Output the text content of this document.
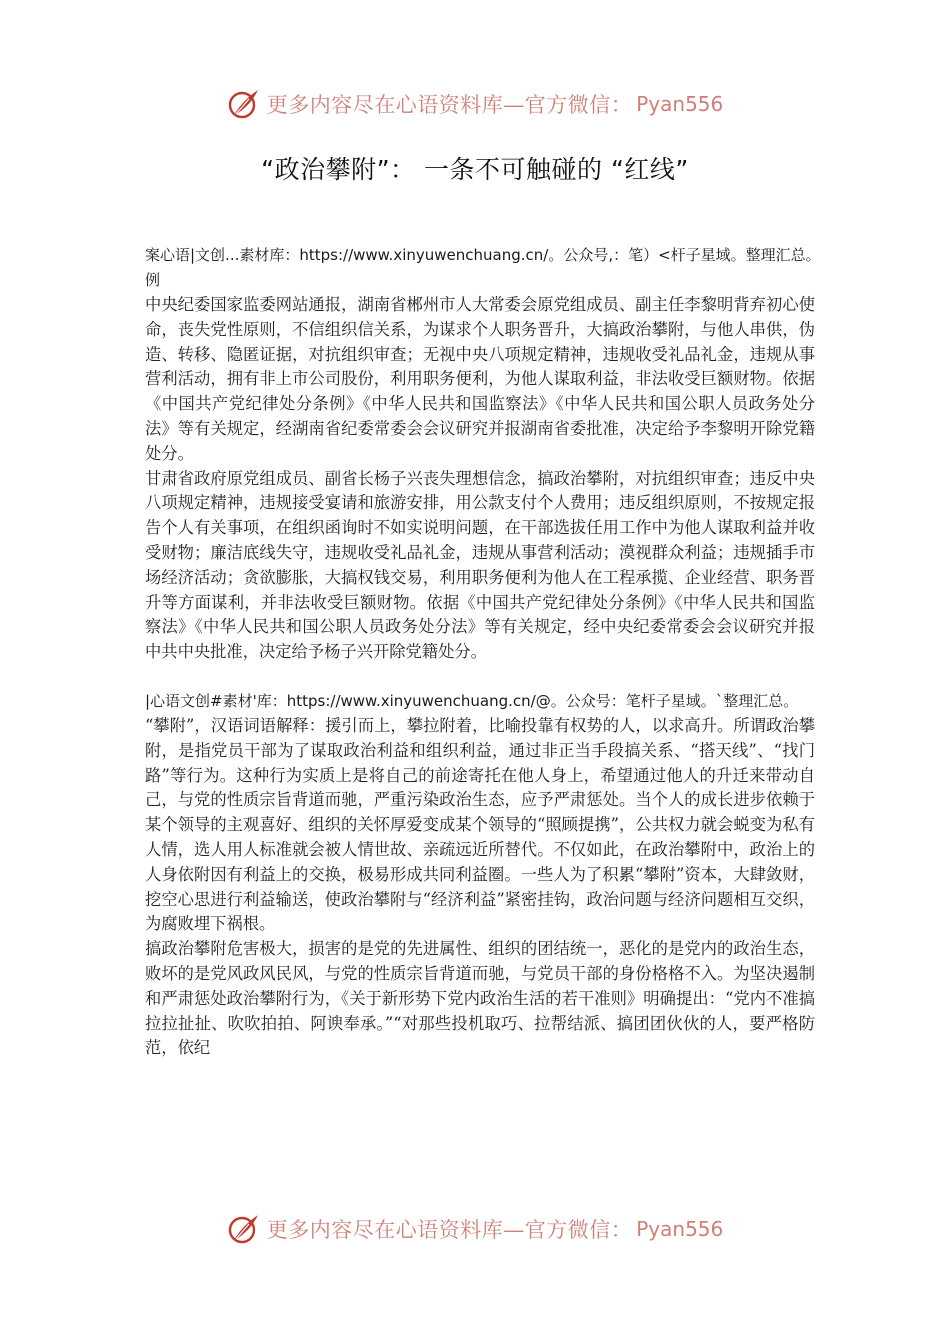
更多内容尽在心语资料库—官方微信： Pyan556
“政治攀附”： 一条不可触碰的 “红线”
案心语|文创...素材库：https://www.xinyuwenchuang.cn/。公众号,：笔）<杆子星域。整理汇总。例
中央纪委国家监委网站通报，湖南省郴州市人大常委会原党组成员、副主任李黎明背弃初心使命，丧失党性原则，不信组织信关系，为谋求个人职务晋升，大搞政治攀附，与他人串供，伪造、转移、隐匿证据，对抗组织审查；无视中央八项规定精神，违规收受礼品礼金，违规从事营利活动，拥有非上市公司股份，利用职务便利，为他人谋取利益，非法收受巨额财物。依据《中国共产党纪律处分条例》《中华人民共和国监察法》《中华人民共和国公职人员政务处分法》等有关规定，经湖南省纪委常委会会议研究并报湖南省委批准，决定给予李黎明开除党籍处分。
甘肃省政府原党组成员、副省长杨子兴丧失理想信念，搞政治攀附，对抗组织审查；违反中央八项规定精神，违规接受宴请和旅游安排，用公款支付个人费用；违反组织原则，不按规定报告个人有关事项，在组织函询时不如实说明问题，在干部选拔任用工作中为他人谋取利益并收受财物；廉洁底线失守，违规收受礼品礼金，违规从事营利活动；漠视群众利益；违规插手市场经济活动；贪欲膨胀，大搞权钱交易，利用职务便利为他人在工程承揽、企业经营、职务晋升等方面谋利，并非法收受巨额财物。依据《中国共产党纪律处分条例》《中华人民共和国监察法》《中华人民共和国公职人员政务处分法》等有关规定，经中央纪委常委会会议研究并报中共中央批准，决定给予杨子兴开除党籍处分。
|心语文创#素材'库：https://www.xinyuwenchuang.cn/@。公众号：笔杆子星域。`整理汇总。
“攀附”，汉语词语解释：援引而上，攀拉附着，比喻投靠有权势的人，以求高升。所谓政治攀附，是指党员干部为了谋取政治利益和组织利益，通过非正当手段搞关系、“搭天线”、“找门路”等行为。这种行为实质上是将自己的前途寄托在他人身上，希望通过他人的升迁来带动自己，与党的性质宗旨背道而驰，严重污染政治生态，应予严肃惩处。当个人的成长进步依赖于某个领导的主观喜好、组织的关怀厚爱变成某个领导的“照顾提携”，公共权力就会蜕变为私有人情，选人用人标准就会被人情世故、亲疏远近所替代。不仅如此，在政治攀附中，政治上的人身依附因有利益上的交换，极易形成共同利益圈。一些人为了积累“攀附”资本，大肆敛财，挖空心思进行利益输送，使政治攀附与“经济利益”紧密挂钩，政治问题与经济问题相互交织，为腐败埋下祸根。
搞政治攀附危害极大，损害的是党的先进属性、组织的团结统一，恶化的是党内的政治生态，败坏的是党风政风民风，与党的性质宗旨背道而驰，与党员干部的身份格格不入。为坚决遏制和严肃惩处政治攀附行为，《关于新形势下党内政治生活的若干准则》明确提出：“党内不准搞拉拉扯扯、吹吹拍拍、阿谀奉承。”“对那些投机取巧、拉帮结派、搞团团伙伙的人，要严格防范，依纪
更多内容尽在心语资料库—官方微信： Pyan556
